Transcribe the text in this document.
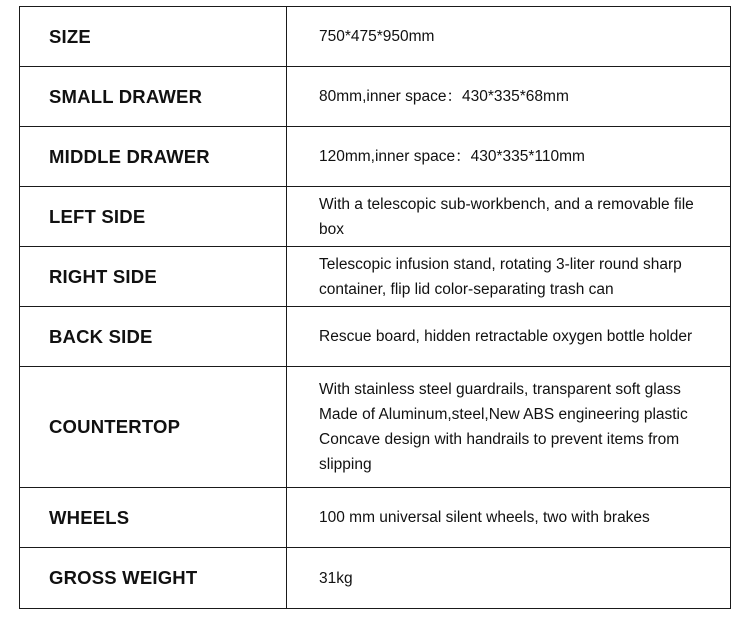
SIZE	750*475*950mm

SMALL DRAWER	80mm,inner space：430*335*68mm

MIDDLE DRAWER	120mm,inner space：430*335*110mm

LEFT SIDE	With a telescopic sub-workbench, and a removable file
box

RIGHT SIDE	Telescopic infusion stand, rotating 3-liter round sharp
container, flip lid color-separating trash can

BACK SIDE	Rescue board, hidden retractable oxygen bottle holder

COUNTERTOP	With stainless steel guardrails, transparent soft glass
Made of Aluminum,steel,New ABS engineering plastic
Concave design with handrails to prevent items from
slipping

WHEELS	100 mm universal silent wheels, two with brakes

GROSS WEIGHT	31kg
